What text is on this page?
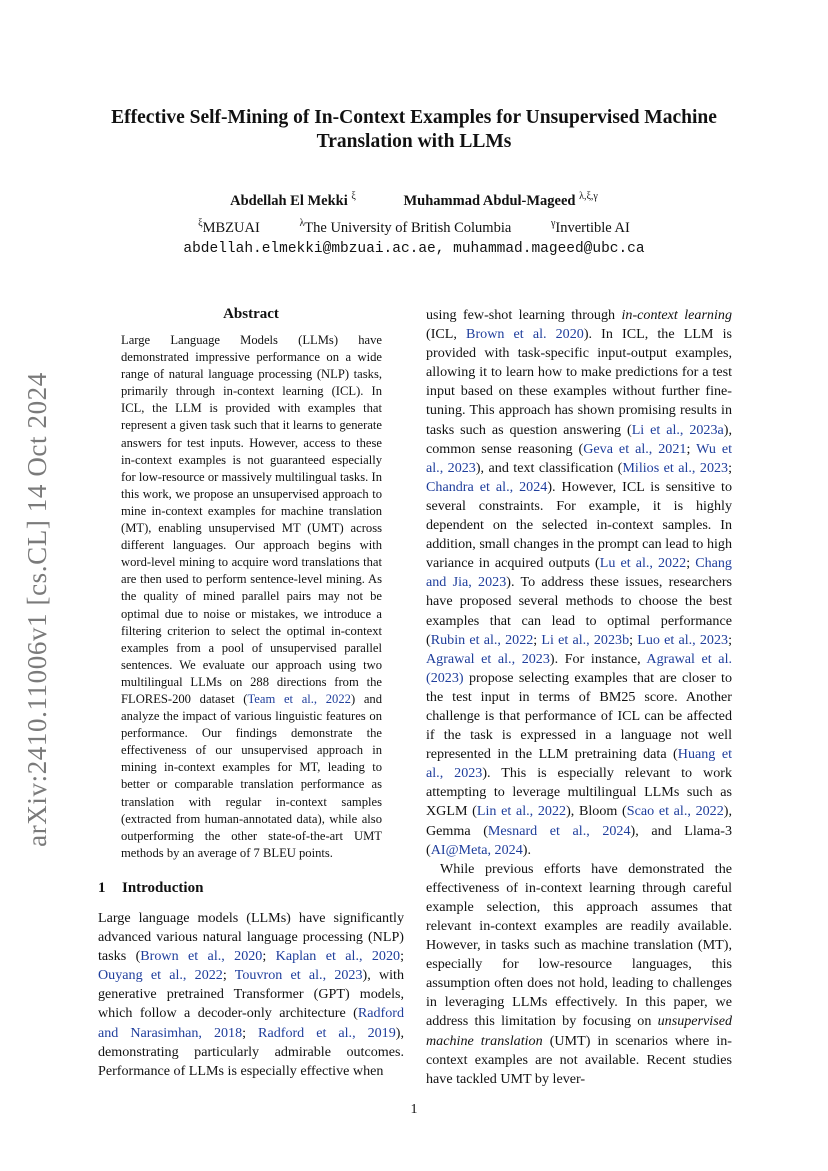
arXiv:2410.11006v1 [cs.CL] 14 Oct 2024
Effective Self-Mining of In-Context Examples for Unsupervised Machine Translation with LLMs
Abdellah El Mekki $^\xi$	Muhammad Abdul-Mageed $^{\lambda,\xi,\gamma}$
$^\xi$MBZUAI	$^\lambda$The University of British Columbia	$^\gamma$Invertible AI
abdellah.elmekki@mbzuai.ac.ae, muhammad.mageed@ubc.ca
Abstract
Large Language Models (LLMs) have demonstrated impressive performance on a wide range of natural language processing (NLP) tasks, primarily through in-context learning (ICL). In ICL, the LLM is provided with examples that represent a given task such that it learns to generate answers for test inputs. However, access to these in-context examples is not guaranteed especially for low-resource or massively multilingual tasks. In this work, we propose an unsupervised approach to mine in-context examples for machine translation (MT), enabling unsupervised MT (UMT) across different languages. Our approach begins with word-level mining to acquire word translations that are then used to perform sentence-level mining. As the quality of mined parallel pairs may not be optimal due to noise or mistakes, we introduce a filtering criterion to select the optimal in-context examples from a pool of unsupervised parallel sentences. We evaluate our approach using two multilingual LLMs on 288 directions from the FLORES-200 dataset (Team et al., 2022) and analyze the impact of various linguistic features on performance. Our findings demonstrate the effectiveness of our unsupervised approach in mining in-context examples for MT, leading to better or comparable translation performance as translation with regular in-context samples (extracted from human-annotated data), while also outperforming the other state-of-the-art UMT methods by an average of 7 BLEU points.
1 Introduction
Large language models (LLMs) have significantly advanced various natural language processing (NLP) tasks (Brown et al., 2020; Kaplan et al., 2020; Ouyang et al., 2022; Touvron et al., 2023), with generative pretrained Transformer (GPT) models, which follow a decoder-only architecture (Radford and Narasimhan, 2018; Radford et al., 2019), demonstrating particularly admirable outcomes. Performance of LLMs is especially effective when

using few-shot learning through in-context learning (ICL, Brown et al. 2020). In ICL, the LLM is provided with task-specific input-output examples, allowing it to learn how to make predictions for a test input based on these examples without further fine-tuning. This approach has shown promising results in tasks such as question answering (Li et al., 2023a), common sense reasoning (Geva et al., 2021; Wu et al., 2023), and text classification (Milios et al., 2023; Chandra et al., 2024). However, ICL is sensitive to several constraints. For example, it is highly dependent on the selected in-context samples. In addition, small changes in the prompt can lead to high variance in acquired outputs (Lu et al., 2022; Chang and Jia, 2023). To address these issues, researchers have proposed several methods to choose the best examples that can lead to optimal performance (Rubin et al., 2022; Li et al., 2023b; Luo et al., 2023; Agrawal et al., 2023). For instance, Agrawal et al. (2023) propose selecting examples that are closer to the test input in terms of BM25 score. Another challenge is that performance of ICL can be affected if the task is expressed in a language not well represented in the LLM pretraining data (Huang et al., 2023). This is especially relevant to work attempting to leverage multilingual LLMs such as XGLM (Lin et al., 2022), Bloom (Scao et al., 2022), Gemma (Mesnard et al., 2024), and Llama-3 (AI@Meta, 2024).

While previous efforts have demonstrated the effectiveness of in-context learning through careful example selection, this approach assumes that relevant in-context examples are readily available. However, in tasks such as machine translation (MT), especially for low-resource languages, this assumption often does not hold, leading to challenges in leveraging LLMs effectively. In this paper, we address this limitation by focusing on unsupervised machine translation (UMT) in scenarios where in-context examples are not available. Recent studies have tackled UMT by lever-

1
